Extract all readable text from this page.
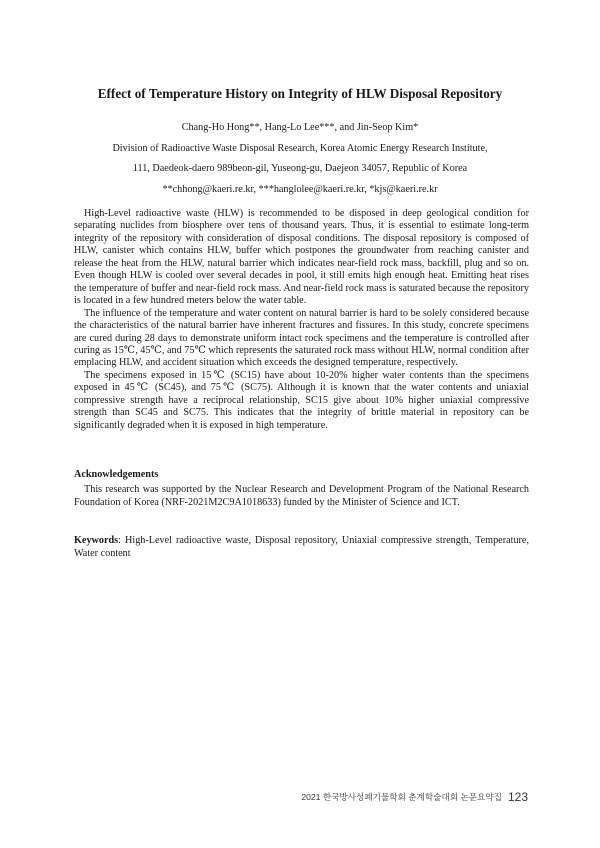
Effect of Temperature History on Integrity of HLW Disposal Repository
Chang-Ho Hong**, Hang-Lo Lee***, and Jin-Seop Kim*
Division of Radioactive Waste Disposal Research, Korea Atomic Energy Research Institute,
111, Daedeok-daero 989beon-gil, Yuseong-gu, Daejeon 34057, Republic of Korea
**chhong@kaeri.re.kr, ***hanglolee@kaeri.re.kr, *kjs@kaeri.re.kr

High-Level radioactive waste (HLW) is recommended to be disposed in deep geological condition for separating nuclides from biosphere over tens of thousand years. Thus, it is essential to estimate long-term integrity of the repository with consideration of disposal conditions. The disposal repository is composed of HLW, canister which contains HLW, buffer which postpones the groundwater from reaching canister and release the heat from the HLW, natural barrier which indicates near-field rock mass, backfill, plug and so on. Even though HLW is cooled over several decades in pool, it still emits high enough heat. Emitting heat rises the temperature of buffer and near-field rock mass. And near-field rock mass is saturated because the repository is located in a few hundred meters below the water table.

The influence of the temperature and water content on natural barrier is hard to be solely considered because the characteristics of the natural barrier have inherent fractures and fissures. In this study, concrete specimens are cured during 28 days to demonstrate uniform intact rock specimens and the temperature is controlled after curing as 15℃, 45℃, and 75℃ which represents the saturated rock mass without HLW, normal condition after emplacing HLW, and accident situation which exceeds the designed temperature, respectively.

The specimens exposed in 15℃ (SC15) have about 10-20% higher water contents than the specimens exposed in 45℃ (SC45), and 75℃ (SC75). Although it is known that the water contents and uniaxial compressive strength have a reciprocal relationship, SC15 give about 10% higher uniaxial compressive strength than SC45 and SC75. This indicates that the integrity of brittle material in repository can be significantly degraded when it is exposed in high temperature.

Acknowledgements
This research was supported by the Nuclear Research and Development Program of the National Research Foundation of Korea (NRF-2021M2C9A1018633) funded by the Minister of Science and ICT.
Keywords: High-Level radioactive waste, Disposal repository, Uniaxial compressive strength, Temperature, Water content
2021 한국방사성폐기물학회 춘계학술대회 논문요약집 123
